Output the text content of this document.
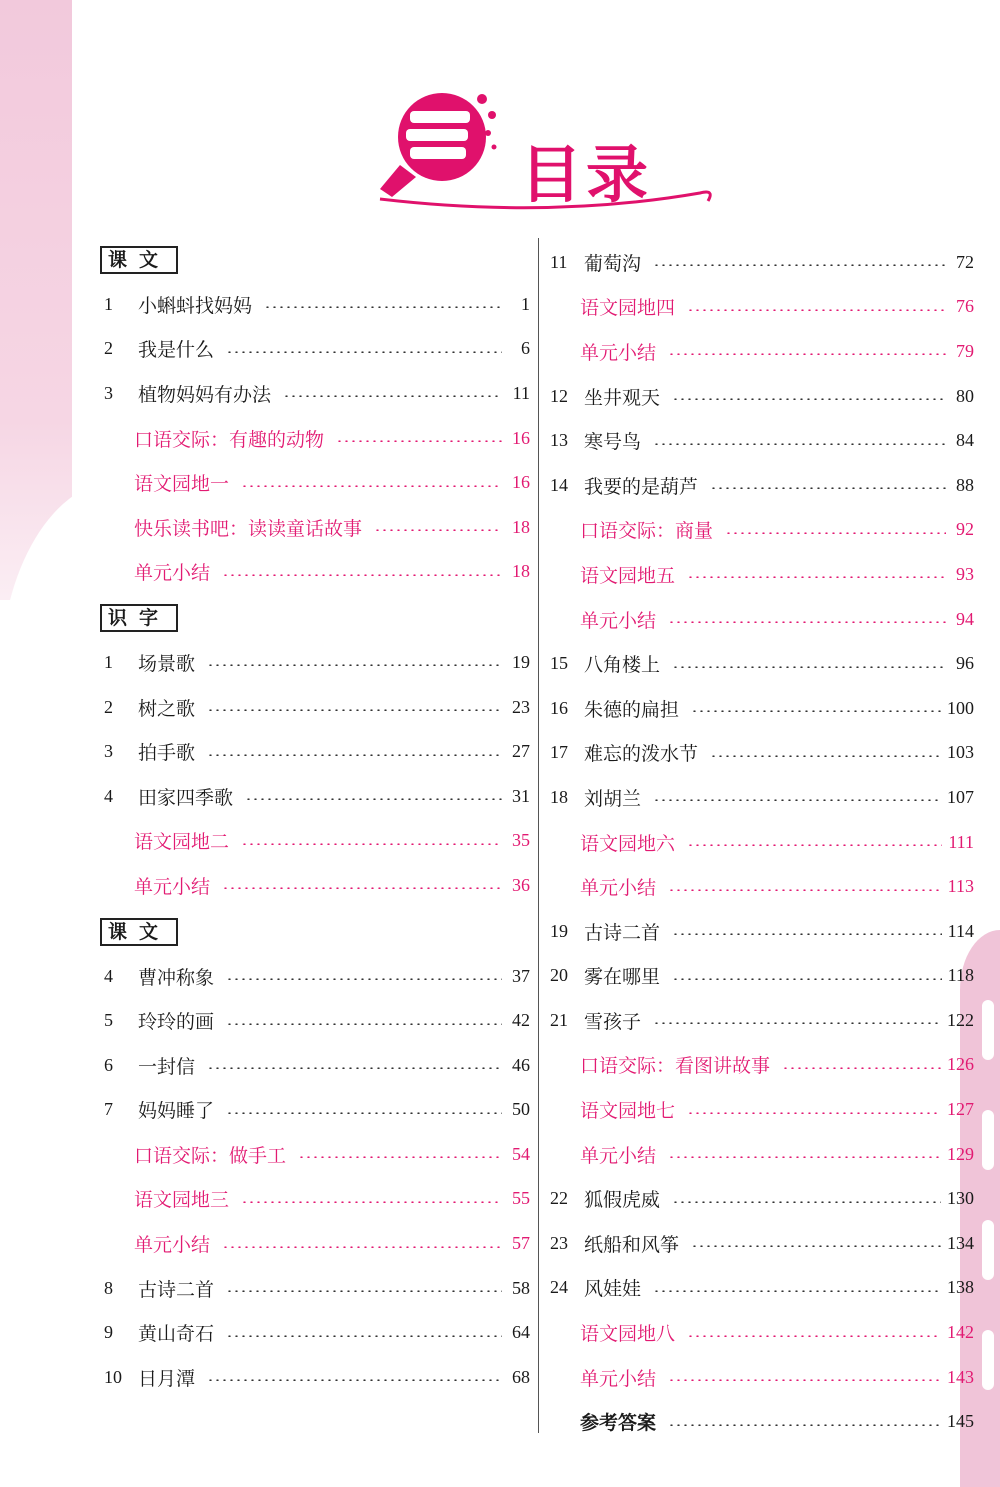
目录
课文
1	小蝌蚪找妈妈	1
2	我是什么	6
3	植物妈妈有办法	11
口语交际：有趣的动物	16
语文园地一	16
快乐读书吧：读读童话故事	18
单元小结	18
识字
1	场景歌	19
2	树之歌	23
3	拍手歌	27
4	田家四季歌	31
语文园地二	35
单元小结	36
课文
4	曹冲称象	37
5	玲玲的画	42
6	一封信	46
7	妈妈睡了	50
口语交际：做手工	54
语文园地三	55
单元小结	57
8	古诗二首	58
9	黄山奇石	64
10 日月潭	68
11 葡萄沟	72
语文园地四	76
单元小结	79
12 坐井观天	80
13 寒号鸟	84
14 我要的是葫芦	88
口语交际：商量	92
语文园地五	93
单元小结	94
15 八角楼上	96
16 朱德的扁担	100
17 难忘的泼水节	103
18 刘胡兰	107
语文园地六	111
单元小结	113
19 古诗二首	114
20 雾在哪里	118
21 雪孩子	122
口语交际：看图讲故事	126
语文园地七	127
单元小结	129
22 狐假虎威	130
23 纸船和风筝	134
24 风娃娃	138
语文园地八	142
单元小结	143
参考答案	145
